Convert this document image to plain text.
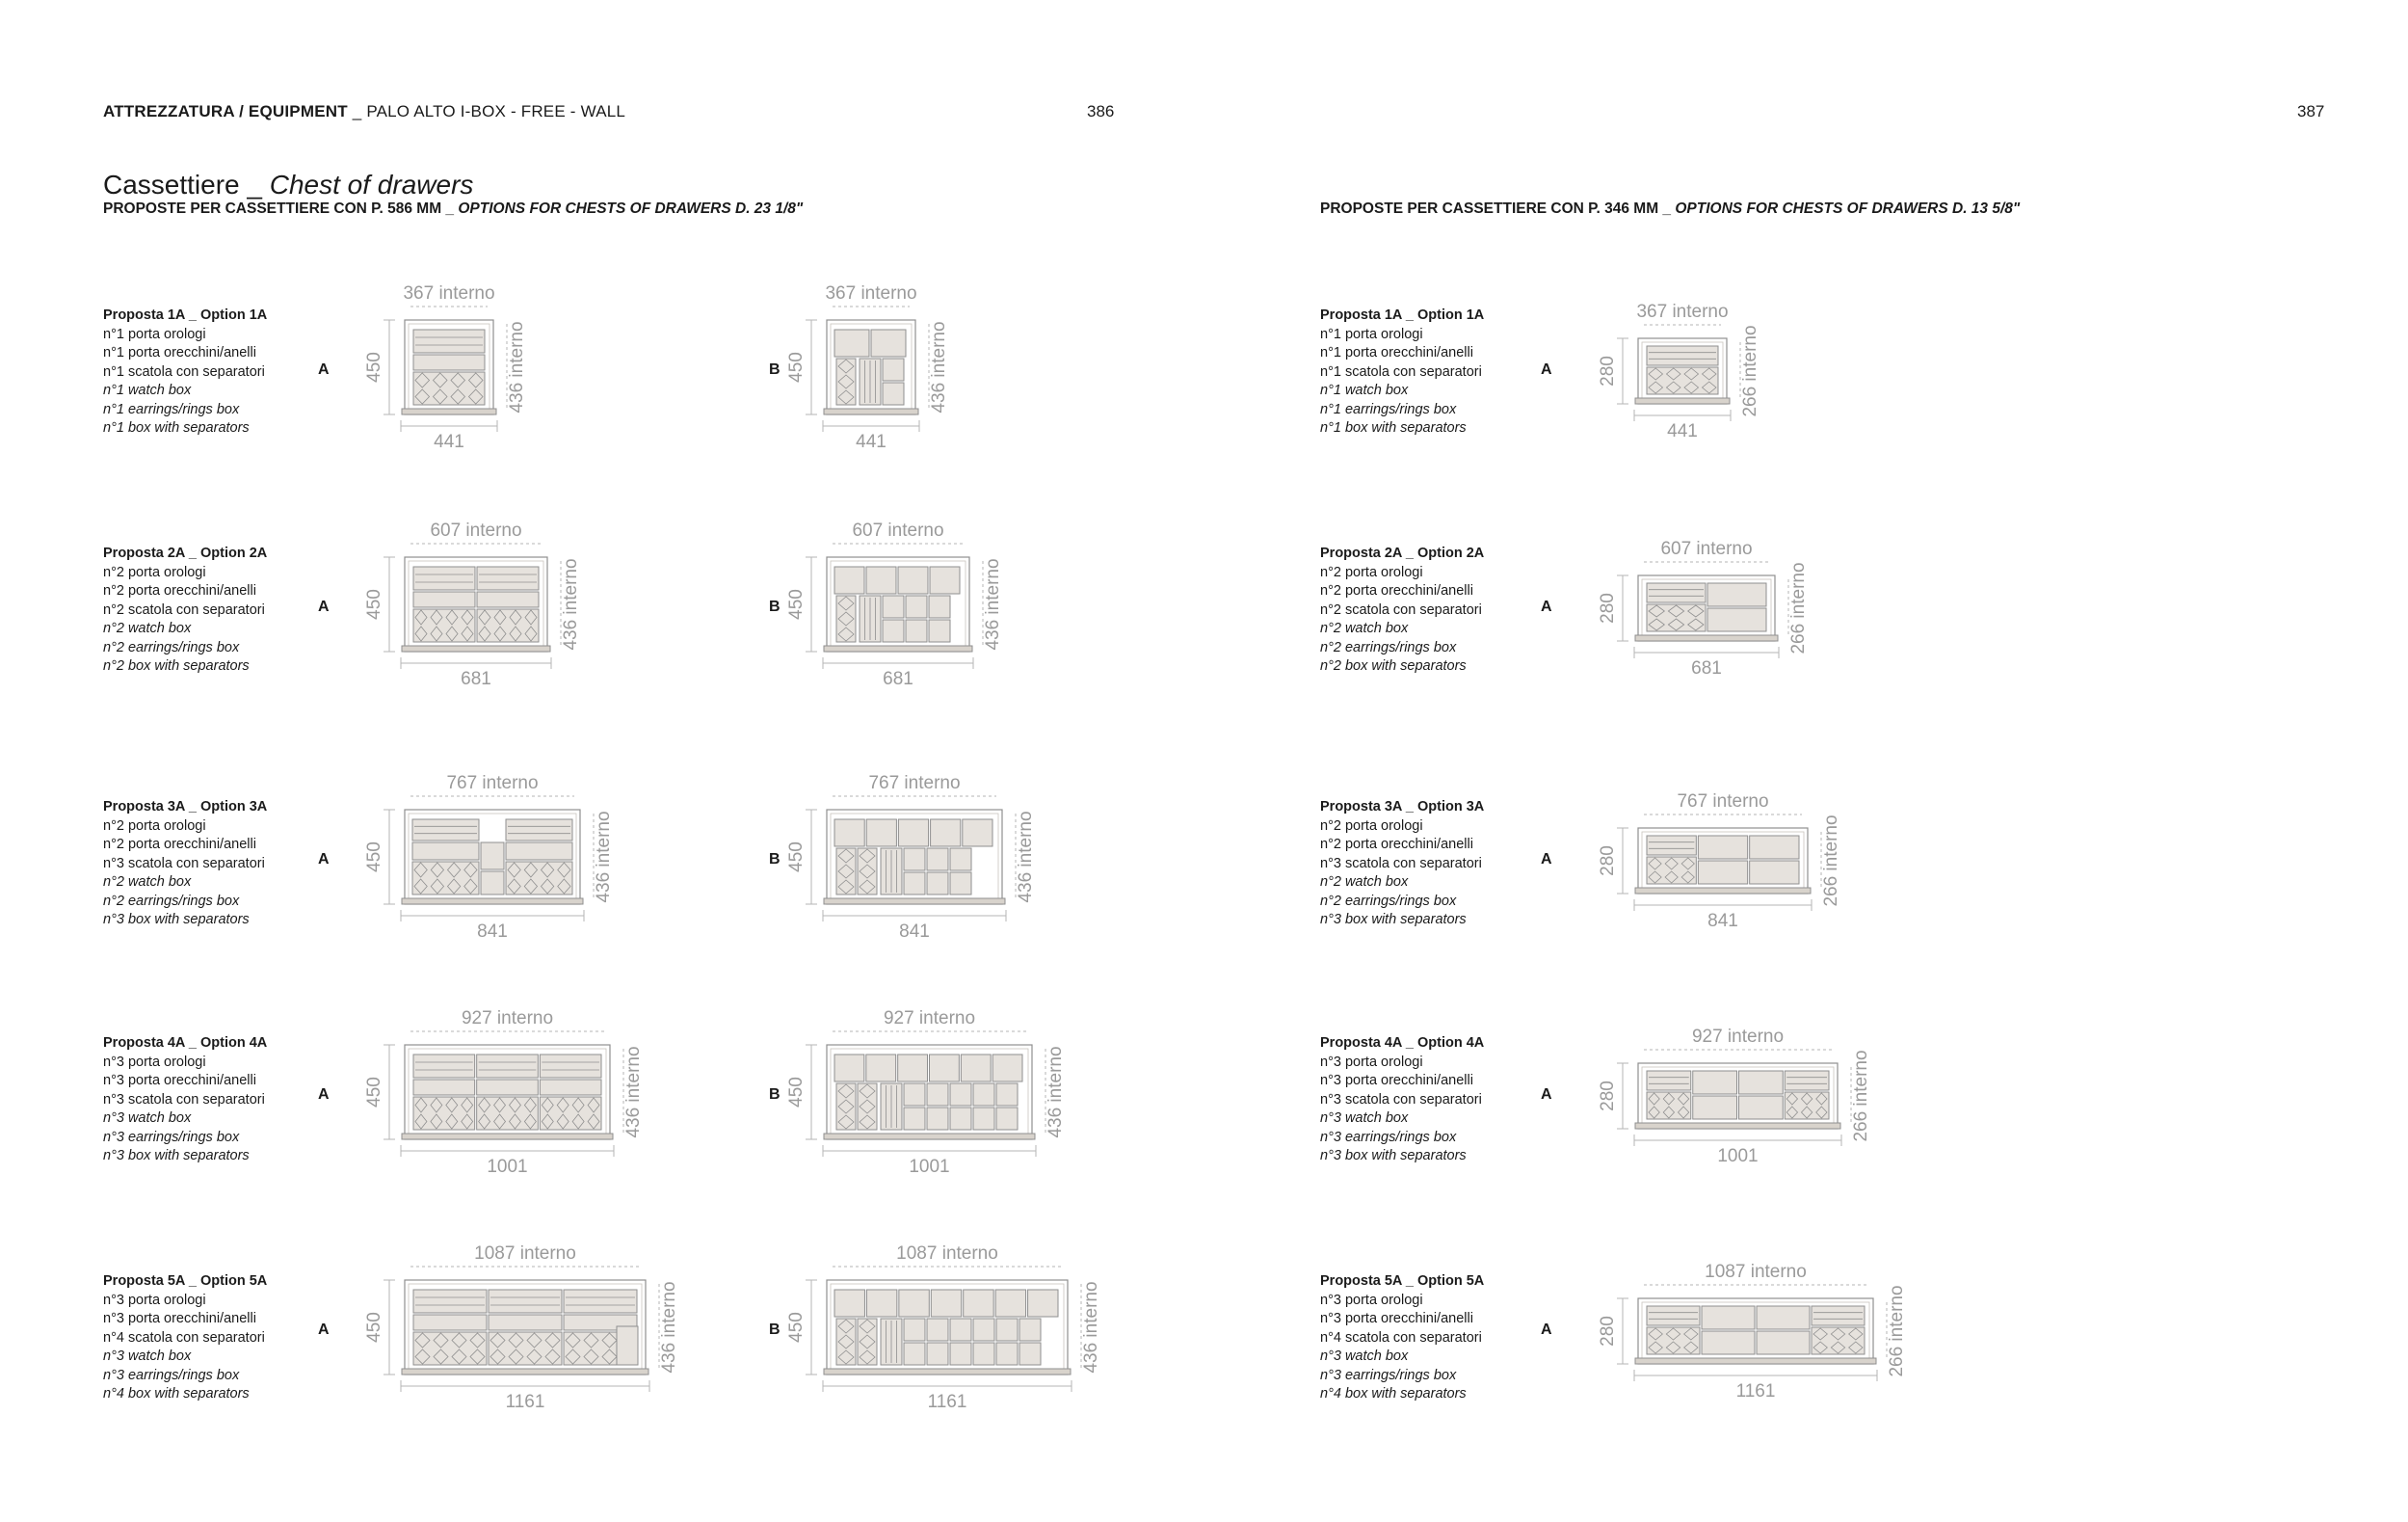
ATTREZZATURA / EQUIPMENT _ PALO ALTO I-BOX - FREE - WALL	386	387
Cassettiere _ Chest of drawers
PROPOSTE PER CASSETTIERE CON P. 586 MM _ OPTIONS FOR CHESTS OF DRAWERS D. 23 1/8"	PROPOSTE PER CASSETTIERE CON P. 346 MM _ OPTIONS FOR CHESTS OF DRAWERS D. 13 5/8"
Proposta 1A _ Option 1A
n°1 porta orologi
n°1 porta orecchini/anelli
n°1 scatola con separatori
n°1 watch box
n°1 earrings/rings box
n°1 box with separators
A	B
Proposta 2A _ Option 2A
n°2 porta orologi
n°2 porta orecchini/anelli
n°2 scatola con separatori
n°2 watch box
n°2 earrings/rings box
n°2 box with separators
A	B
Proposta 3A _ Option 3A
n°2 porta orologi
n°2 porta orecchini/anelli
n°3 scatola con separatori
n°2 watch box
n°2 earrings/rings box
n°3 box with separators
A	B
Proposta 4A _ Option 4A
n°3 porta orologi
n°3 porta orecchini/anelli
n°3 scatola con separatori
n°3 watch box
n°3 earrings/rings box
n°3 box with separators
A	B
Proposta 5A _ Option 5A
n°3 porta orologi
n°3 porta orecchini/anelli
n°4 scatola con separatori
n°3 watch box
n°3 earrings/rings box
n°4 box with separators
A	B
Proposta 1A _ Option 1A
n°1 porta orologi
n°1 porta orecchini/anelli
n°1 scatola con separatori
n°1 watch box
n°1 earrings/rings box
n°1 box with separators
A
Proposta 2A _ Option 2A
n°2 porta orologi
n°2 porta orecchini/anelli
n°2 scatola con separatori
n°2 watch box
n°2 earrings/rings box
n°2 box with separators
A
Proposta 3A _ Option 3A
n°2 porta orologi
n°2 porta orecchini/anelli
n°3 scatola con separatori
n°2 watch box
n°2 earrings/rings box
n°3 box with separators
A
Proposta 4A _ Option 4A
n°3 porta orologi
n°3 porta orecchini/anelli
n°3 scatola con separatori
n°3 watch box
n°3 earrings/rings box
n°3 box with separators
A
Proposta 5A _ Option 5A
n°3 porta orologi
n°3 porta orecchini/anelli
n°4 scatola con separatori
n°3 watch box
n°3 earrings/rings box
n°4 box with separators
A
367 interno
441
450	436 interno
367 interno
441
450	436 interno
607 interno
681
450	436 interno
607 interno
681
450	436 interno
767 interno
841
450	436 interno
767 interno
841
450	436 interno
927 interno
1001
450	436 interno
927 interno
1001
450	436 interno
1087 interno
1161
450	436 interno
1087 interno
1161
450	436 interno
367 interno
441
280	266 interno
607 interno
681
280	266 interno
767 interno
841
280	266 interno
927 interno
1001
280	266 interno
1087 interno
1161
280	266 interno
